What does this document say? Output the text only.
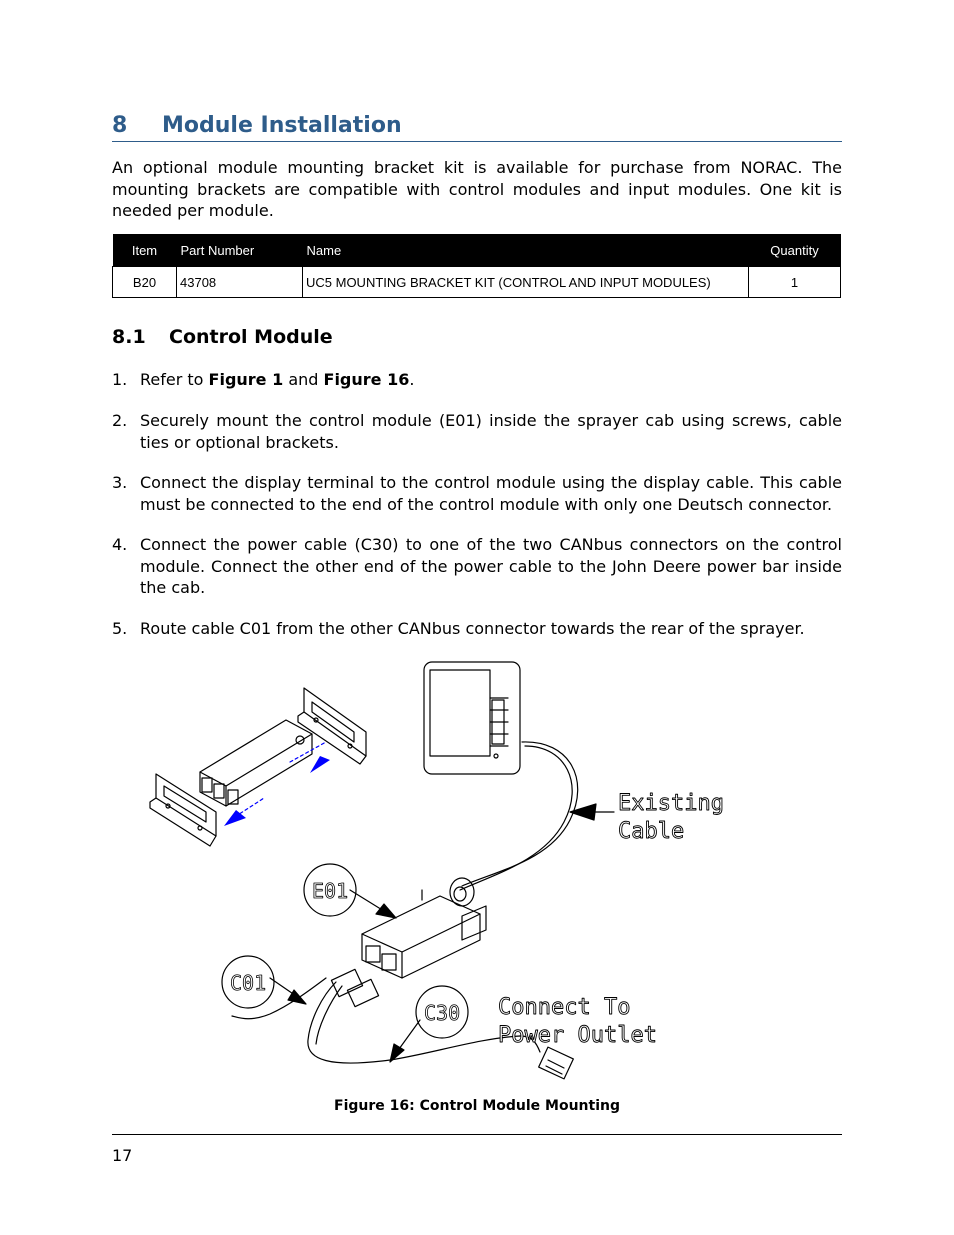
8 Module Installation
An optional module mounting bracket kit is available for purchase from NORAC. The mounting brackets are compatible with control modules and input modules. One kit is needed per module.
Item	Part Number	Name	Quantity
B20	43708	UC5 MOUNTING BRACKET KIT (CONTROL AND INPUT MODULES)	1
8.1 Control Module
1. Refer to Figure 1 and Figure 16.
2. Securely mount the control module (E01) inside the sprayer cab using screws, cable ties or optional brackets.
3. Connect the display terminal to the control module using the display cable. This cable must be connected to the end of the control module with only one Deutsch connector.
4. Connect the power cable (C30) to one of the two CANbus connectors on the control module. Connect the other end of the power cable to the John Deere power bar inside the cab.
5. Route cable C01 from the other CANbus connector towards the rear of the sprayer.
Existing
Cable
Connect To
Power Outlet
E01
C01
C30
Figure 16: Control Module Mounting
17
